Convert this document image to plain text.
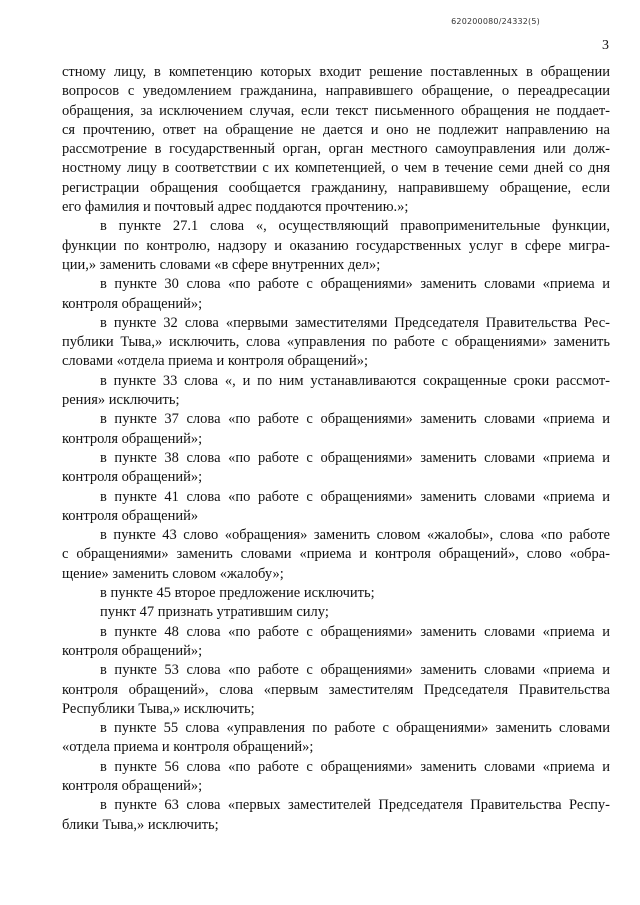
620200080/24332(5)
3
стному лицу, в компетенцию которых входит решение поставленных в обращении
вопросов с уведомлением гражданина, направившего обращение, о переадресации
обращения, за исключением случая, если текст письменного обращения не поддает-
ся прочтению, ответ на обращение не дается и оно не подлежит направлению на
рассмотрение в государственный орган, орган местного самоуправления или долж-
ностному лицу в соответствии с их компетенцией, о чем в течение семи дней со дня
регистрации обращения сообщается гражданину, направившему обращение, если
его фамилия и почтовый адрес поддаются прочтению.»;
в пункте 27.1 слова «, осуществляющий правоприменительные функции,
функции по контролю, надзору и оказанию государственных услуг в сфере мигра-
ции,» заменить словами «в сфере внутренних дел»;
в пункте 30 слова «по работе с обращениями» заменить словами «приема и
контроля обращений»;
в пункте 32 слова «первыми заместителями Председателя Правительства Рес-
публики Тыва,» исключить, слова «управления по работе с обращениями» заменить
словами «отдела приема и контроля обращений»;
в пункте 33 слова «, и по ним устанавливаются сокращенные сроки рассмот-
рения» исключить;
в пункте 37 слова «по работе с обращениями» заменить словами «приема и
контроля обращений»;
в пункте 38 слова «по работе с обращениями» заменить словами «приема и
контроля обращений»;
в пункте 41 слова «по работе с обращениями» заменить словами «приема и
контроля обращений»
в пункте 43 слово «обращения» заменить словом «жалобы», слова «по работе
с обращениями» заменить словами «приема и контроля обращений», слово «обра-
щение» заменить словом «жалобу»;
в пункте 45 второе предложение исключить;
пункт 47 признать утратившим силу;
в пункте 48 слова «по работе с обращениями» заменить словами «приема и
контроля обращений»;
в пункте 53 слова «по работе с обращениями» заменить словами «приема и
контроля обращений», слова «первым заместителям Председателя Правительства
Республики Тыва,» исключить;
в пункте 55 слова «управления по работе с обращениями» заменить словами
«отдела приема и контроля обращений»;
в пункте 56 слова «по работе с обращениями» заменить словами «приема и
контроля обращений»;
в пункте 63 слова «первых заместителей Председателя Правительства Респу-
блики Тыва,» исключить;
